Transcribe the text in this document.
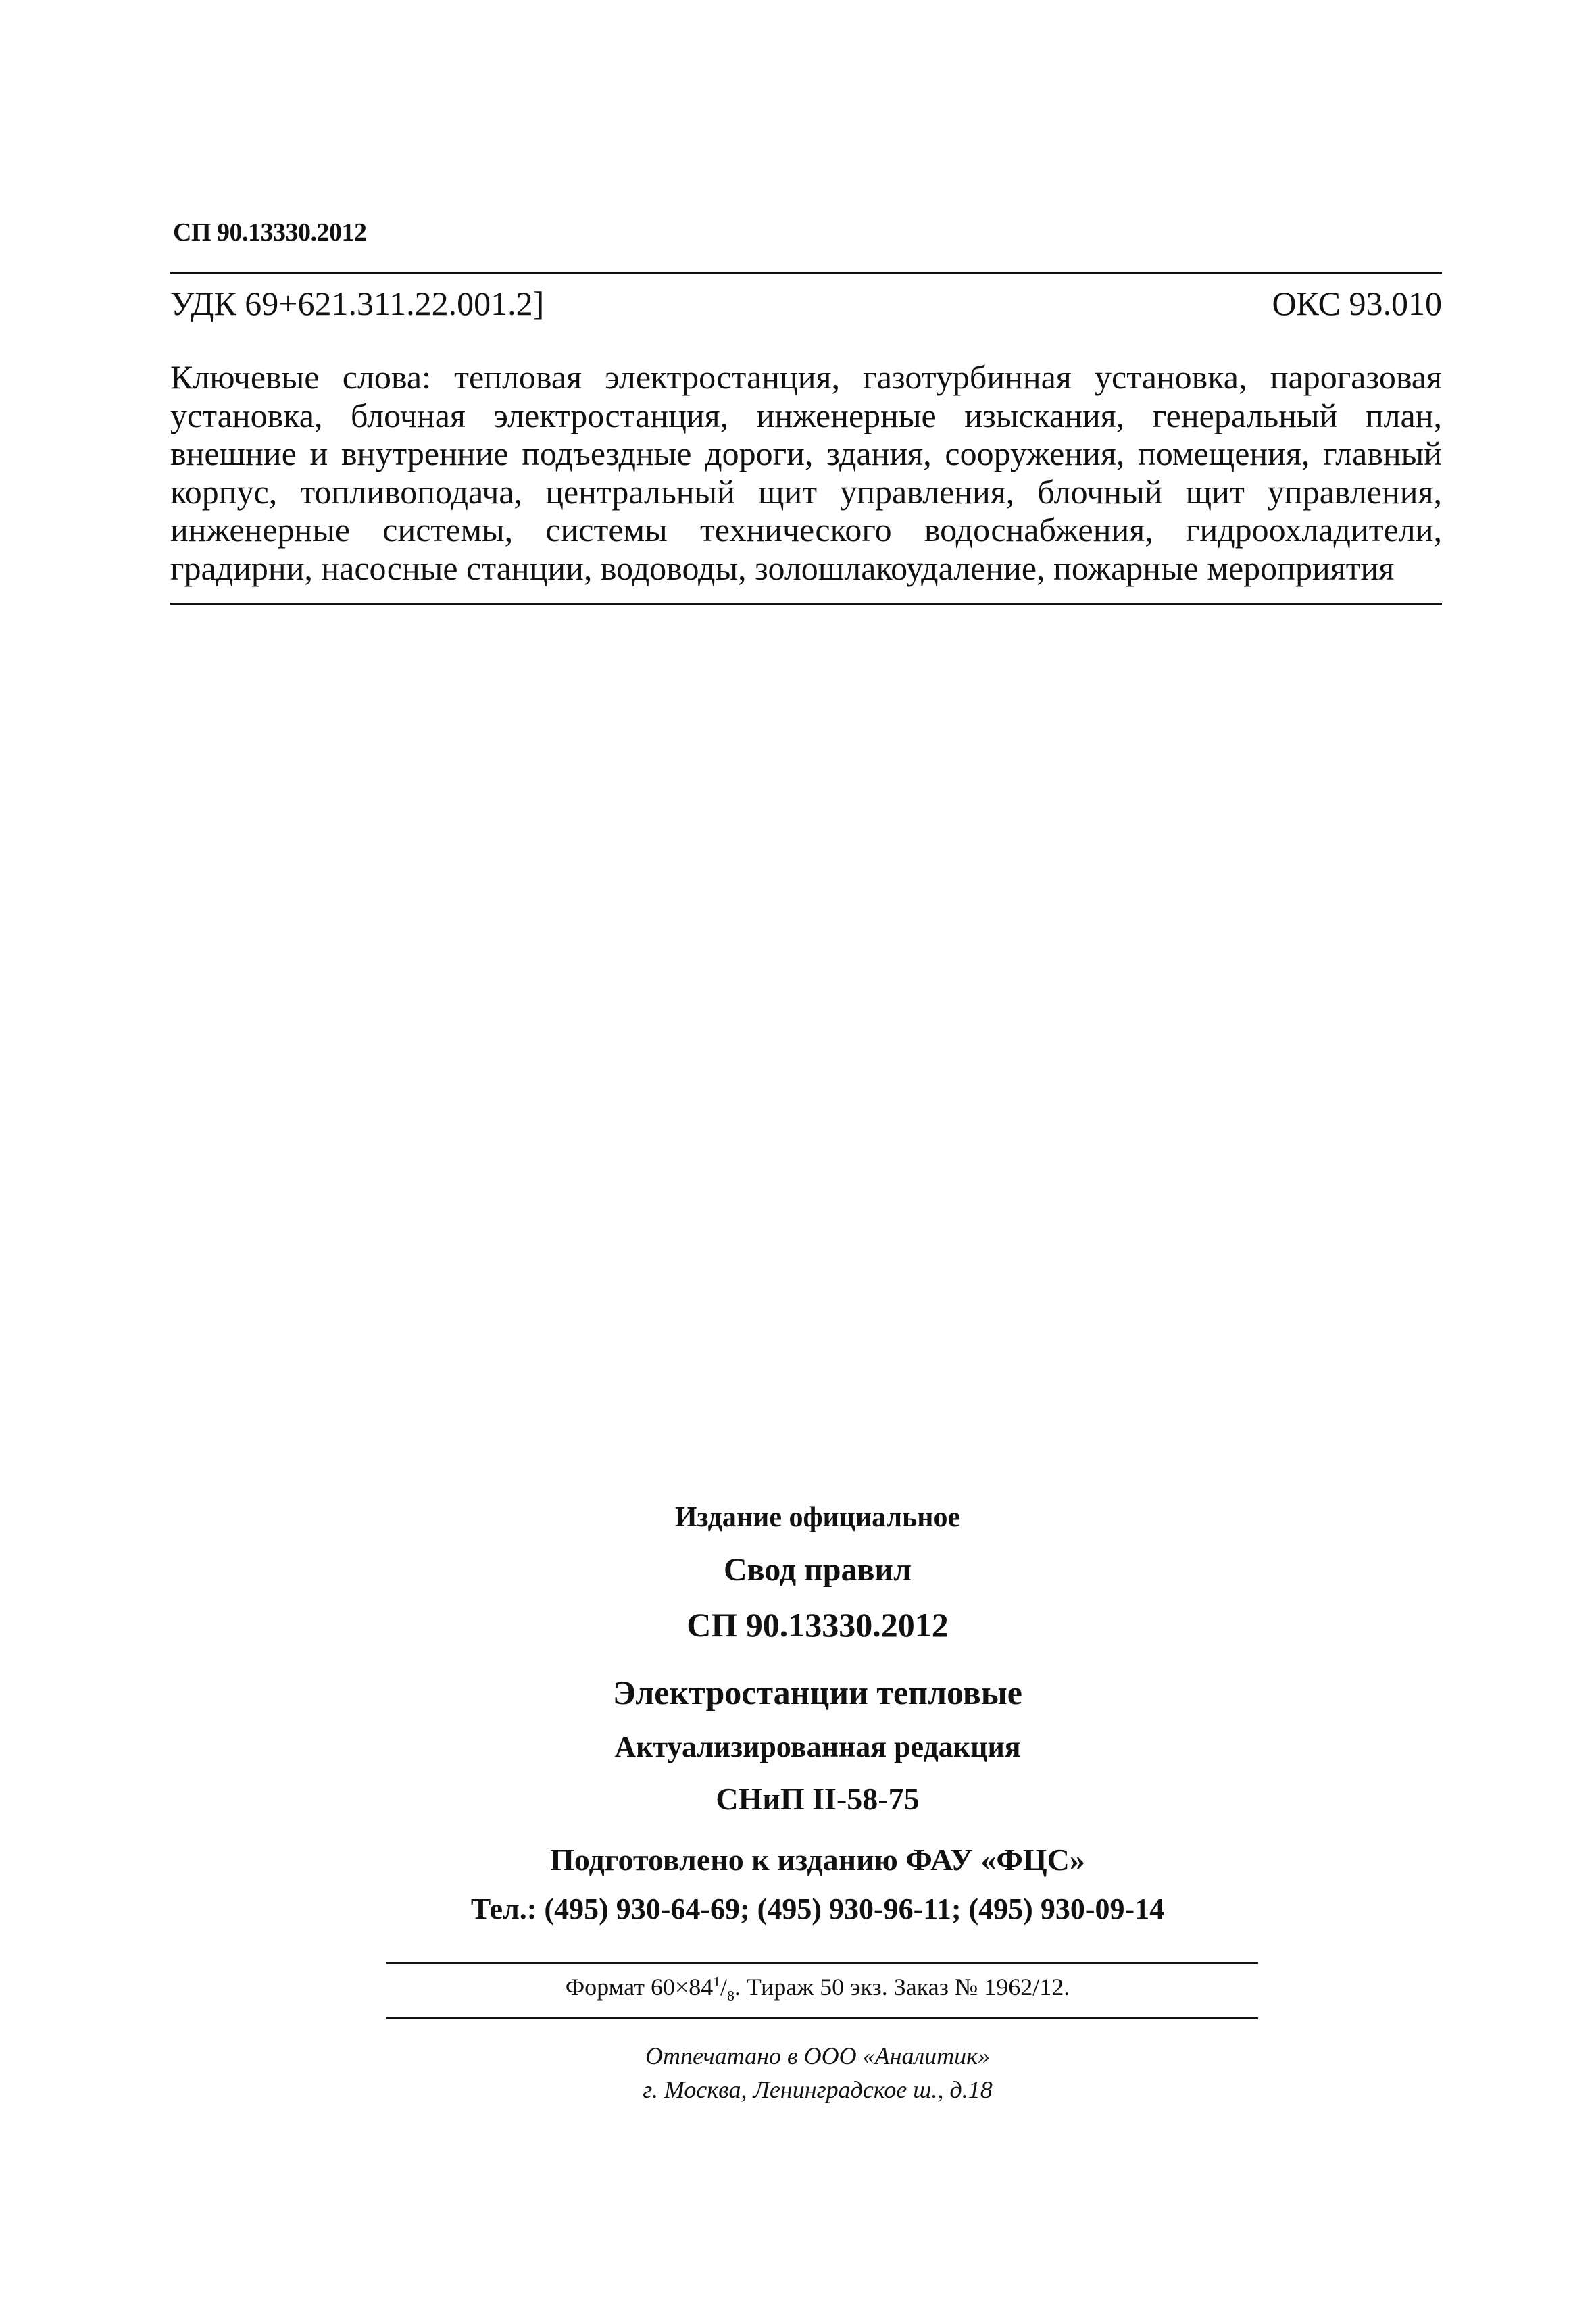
СП 90.13330.2012
УДК 69+621.311.22.001.2]	ОКС 93.010
Ключевые слова: тепловая электростанция, газотурбинная установка, парогазовая установка, блочная электростанция, инженерные изыскания, генеральный план, внешние и внутренние подъездные дороги, здания, сооружения, помещения, главный корпус, топливоподача, центральный щит управления, блочный щит управления, инженерные системы, системы технического водоснабжения, гидроохладители, градирни, насосные станции, водоводы, золошлакоудаление, пожарные мероприятия
Издание официальное
Свод правил
СП 90.13330.2012
Электростанции тепловые
Актуализированная редакция
СНиП II-58-75
Подготовлено к изданию ФАУ «ФЦС»
Тел.: (495) 930-64-69; (495) 930-96-11; (495) 930-09-14
Формат $60\times 84^1/_8$. Тираж 50 экз. Заказ № 1962/12.
Отпечатано в ООО «Аналитик»
г. Москва, Ленинградское ш., д.18
